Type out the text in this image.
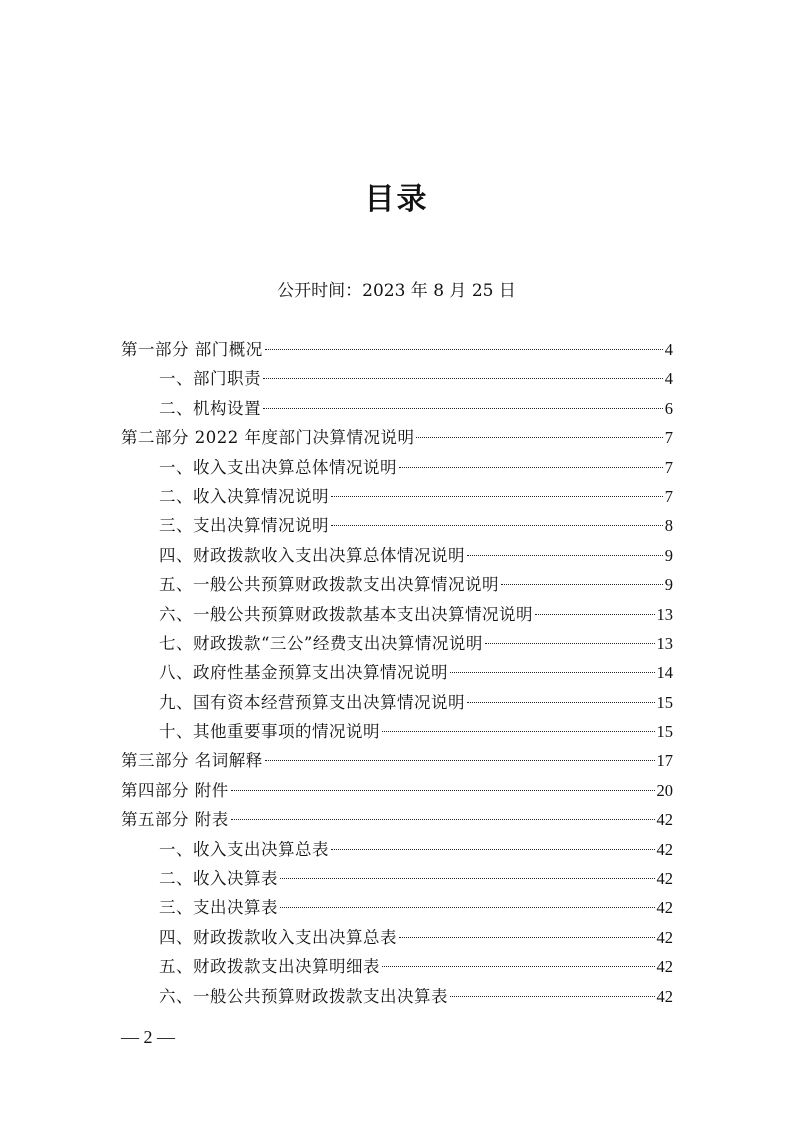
目录
公开时间：2023 年 8 月 25 日
第一部分 部门概况	4
一、部门职责	4
二、机构设置	6
第二部分 2022 年度部门决算情况说明	7
一、收入支出决算总体情况说明	7
二、收入决算情况说明	7
三、支出决算情况说明	8
四、财政拨款收入支出决算总体情况说明	9
五、一般公共预算财政拨款支出决算情况说明	9
六、一般公共预算财政拨款基本支出决算情况说明	13
七、财政拨款“三公”经费支出决算情况说明	13
八、政府性基金预算支出决算情况说明	14
九、国有资本经营预算支出决算情况说明	15
十、其他重要事项的情况说明	15
第三部分 名词解释	17
第四部分 附件	20
第五部分 附表	42
一、收入支出决算总表	42
二、收入决算表	42
三、支出决算表	42
四、财政拨款收入支出决算总表	42
五、财政拨款支出决算明细表	42
六、一般公共预算财政拨款支出决算表	42
— 2 —
